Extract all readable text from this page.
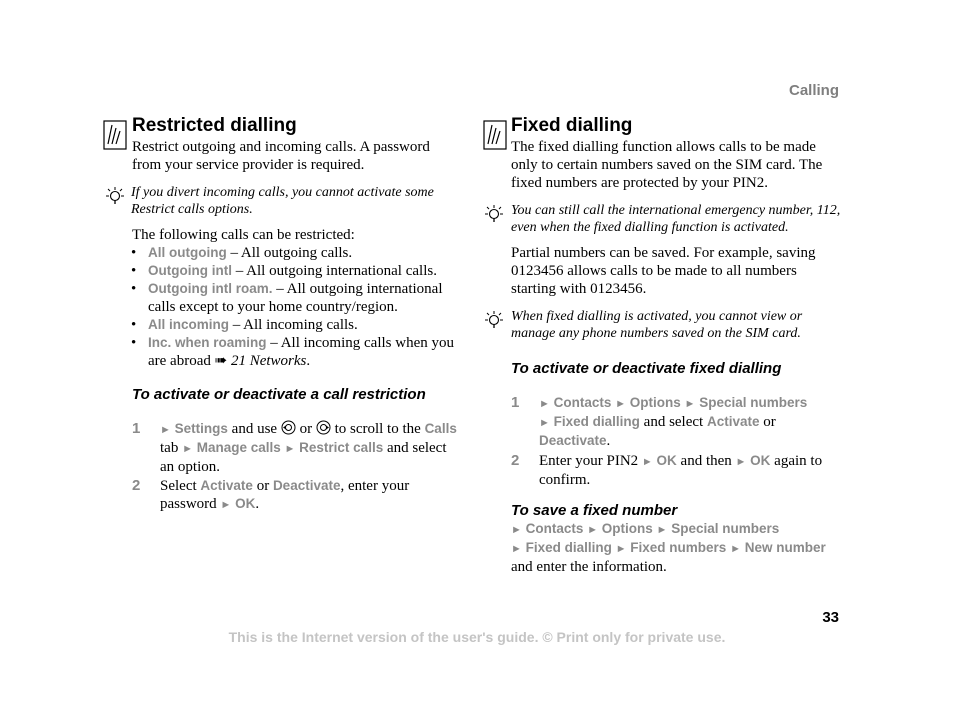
Calling
Restricted dialling
Restrict outgoing and incoming calls. A password from your service provider is required.
If you divert incoming calls, you cannot activate some Restrict calls options.
The following calls can be restricted:
• All outgoing – All outgoing calls.
• Outgoing intl – All outgoing international calls.
• Outgoing intl roam. – All outgoing international calls except to your home country/region.
• All incoming – All incoming calls.
• Inc. when roaming – All incoming calls when you are abroad ➠ 21 Networks.
To activate or deactivate a call restriction
1 ► Settings and use  or  to scroll to the Calls tab ► Manage calls ► Restrict calls and select an option.
2 Select Activate or Deactivate, enter your password ► OK.
Fixed dialling
The fixed dialling function allows calls to be made only to certain numbers saved on the SIM card. The fixed numbers are protected by your PIN2.
You can still call the international emergency number, 112, even when the fixed dialling function is activated.
Partial numbers can be saved. For example, saving 0123456 allows calls to be made to all numbers starting with 0123456.
When fixed dialling is activated, you cannot view or manage any phone numbers saved on the SIM card.
To activate or deactivate fixed dialling
1 ► Contacts ► Options ► Special numbers
► Fixed dialling and select Activate or
Deactivate.
2 Enter your PIN2 ► OK and then ► OK again to confirm.
To save a fixed number
► Contacts ► Options ► Special numbers
► Fixed dialling ► Fixed numbers ► New number and enter the information.
33
This is the Internet version of the user's guide. © Print only for private use.
